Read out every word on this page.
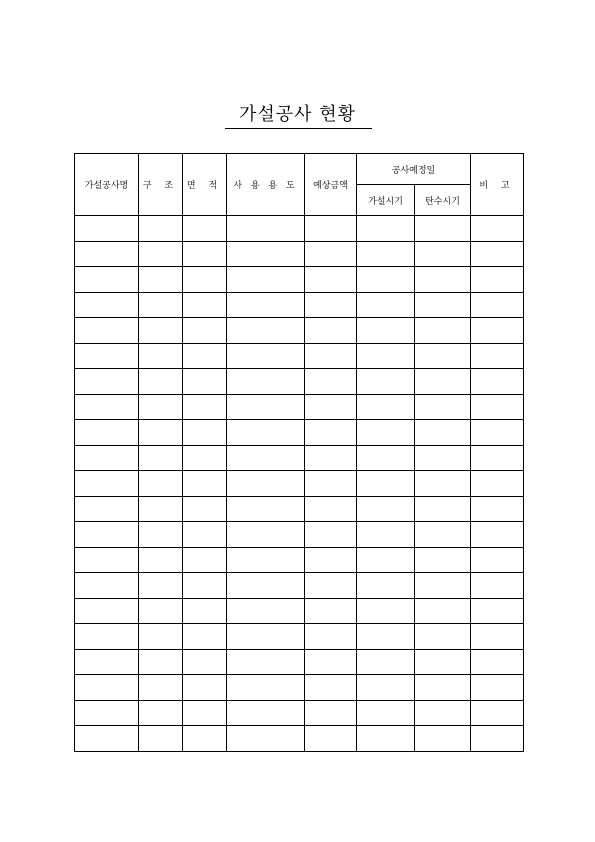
가설공사 현황
가설공사명	구 조	면 적	사 용 용 도	예상금액	공사예정일		비 고
					가설시기	탄수시기	
